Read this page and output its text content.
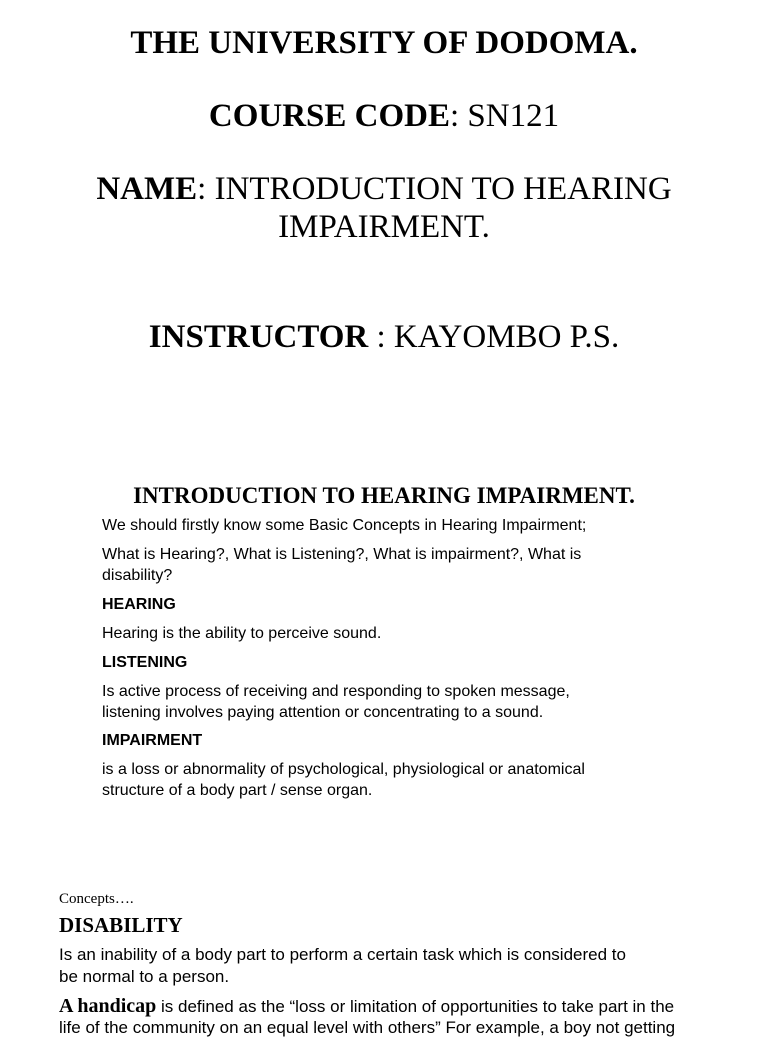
THE UNIVERSITY OF DODOMA.
COURSE CODE: SN121
NAME: INTRODUCTION TO HEARING
IMPAIRMENT.
INSTRUCTOR : KAYOMBO P.S.
INTRODUCTION TO HEARING IMPAIRMENT.
We should firstly know some Basic Concepts in Hearing Impairment;
What is Hearing?, What is Listening?, What is impairment?, What is
disability?
HEARING
Hearing is the ability to perceive sound.
LISTENING
Is active process of receiving and responding to spoken message,
listening involves paying attention or concentrating to a sound.
IMPAIRMENT
is a loss or abnormality of psychological, physiological or anatomical
structure of a body part / sense organ.
Concepts….
DISABILITY
Is an inability of a body part to perform a certain task which is considered to
be normal to a person.
A handicap is defined as the “loss or limitation of opportunities to take part in the
life of the community on an equal level with others” For example, a boy not getting
